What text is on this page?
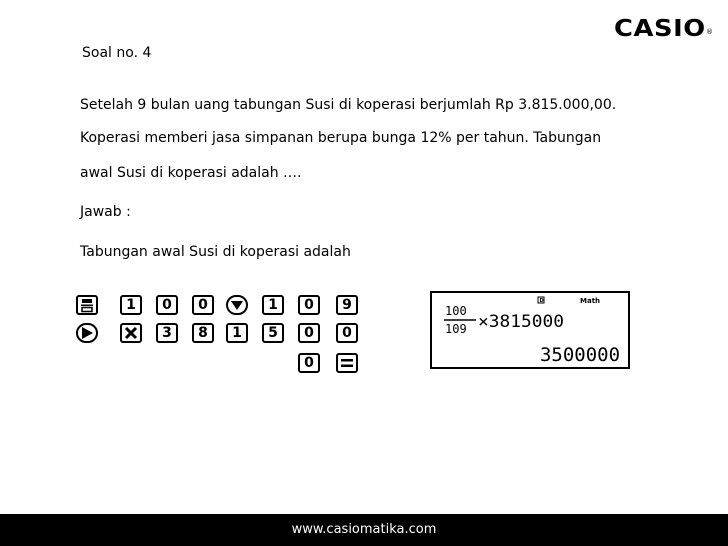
CASIO ®
Soal no. 4
Setelah 9 bulan uang tabungan Susi di koperasi berjumlah Rp 3.815.000,00.
Koperasi memberi jasa simpanan berupa bunga 12% per tahun. Tabungan
awal Susi di koperasi adalah ….
Jawab :
Tabungan awal Susi di koperasi adalah
1	0	0	1	0	9
3	8	1	5	0	0
0
D	Math
100
109 ×3815000
3500000
www.casiomatika.com
